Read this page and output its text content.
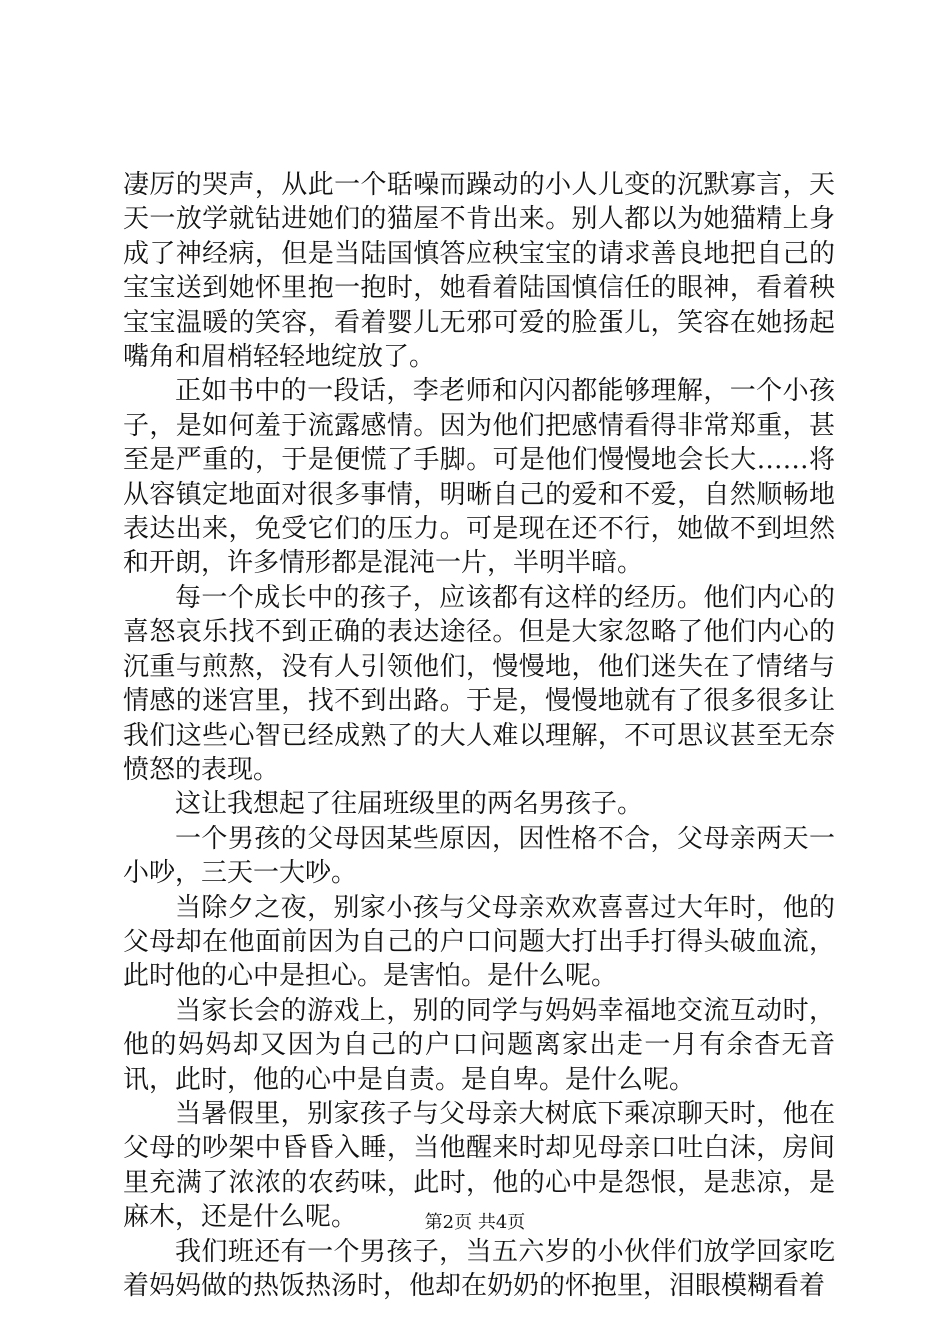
凄厉的哭声，从此一个聒噪而躁动的小人儿变的沉默寡言，天天一放学就钻进她们的猫屋不肯出来。别人都以为她猫精上身成了神经病，但是当陆国慎答应秧宝宝的请求善良地把自己的宝宝送到她怀里抱一抱时，她看着陆国慎信任的眼神，看着秧宝宝温暖的笑容，看着婴儿无邪可爱的脸蛋儿，笑容在她扬起嘴角和眉梢轻轻地绽放了。

正如书中的一段话，李老师和闪闪都能够理解，一个小孩子，是如何羞于流露感情。因为他们把感情看得非常郑重，甚至是严重的，于是便慌了手脚。可是他们慢慢地会长大……将从容镇定地面对很多事情，明晰自己的爱和不爱，自然顺畅地表达出来，免受它们的压力。可是现在还不行，她做不到坦然和开朗，许多情形都是混沌一片，半明半暗。

每一个成长中的孩子，应该都有这样的经历。他们内心的喜怒哀乐找不到正确的表达途径。但是大家忽略了他们内心的沉重与煎熬，没有人引领他们，慢慢地，他们迷失在了情绪与情感的迷宫里，找不到出路。于是，慢慢地就有了很多很多让我们这些心智已经成熟了的大人难以理解，不可思议甚至无奈愤怒的表现。

这让我想起了往届班级里的两名男孩子。

一个男孩的父母因某些原因，因性格不合，父母亲两天一小吵，三天一大吵。

当除夕之夜，别家小孩与父母亲欢欢喜喜过大年时，他的父母却在他面前因为自己的户口问题大打出手打得头破血流，此时他的心中是担心。是害怕。是什么呢。

当家长会的游戏上，别的同学与妈妈幸福地交流互动时，他的妈妈却又因为自己的户口问题离家出走一月有余杳无音讯，此时，他的心中是自责。是自卑。是什么呢。

当暑假里，别家孩子与父母亲大树底下乘凉聊天时，他在父母的吵架中昏昏入睡，当他醒来时却见母亲口吐白沫，房间里充满了浓浓的农药味，此时，他的心中是怨恨，是悲凉，是麻木，还是什么呢。

我们班还有一个男孩子，当五六岁的小伙伴们放学回家吃着妈妈做的热饭热汤时，他却在奶奶的怀抱里，泪眼模糊看着

第2页 共4页
